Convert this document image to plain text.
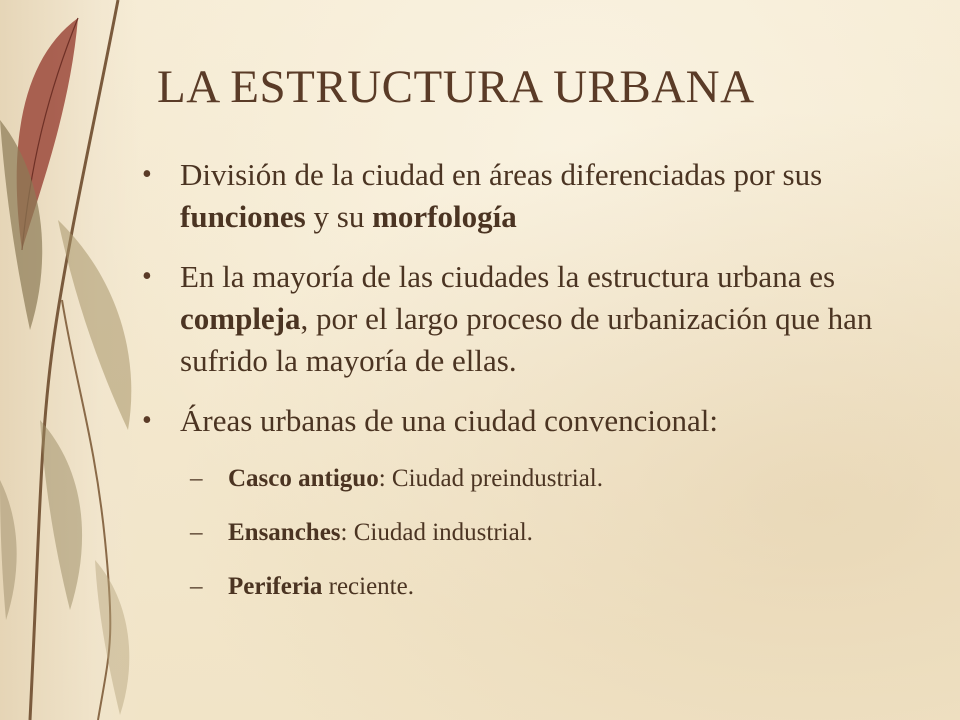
LA ESTRUCTURA URBANA
• División de la ciudad en áreas diferenciadas por sus funciones y su morfología
• En la mayoría de las ciudades la estructura urbana es compleja, por el largo proceso de urbanización que han sufrido la mayoría de ellas.
• Áreas urbanas de una ciudad convencional:
– Casco antiguo: Ciudad preindustrial.
– Ensanches: Ciudad industrial.
– Periferia reciente.
